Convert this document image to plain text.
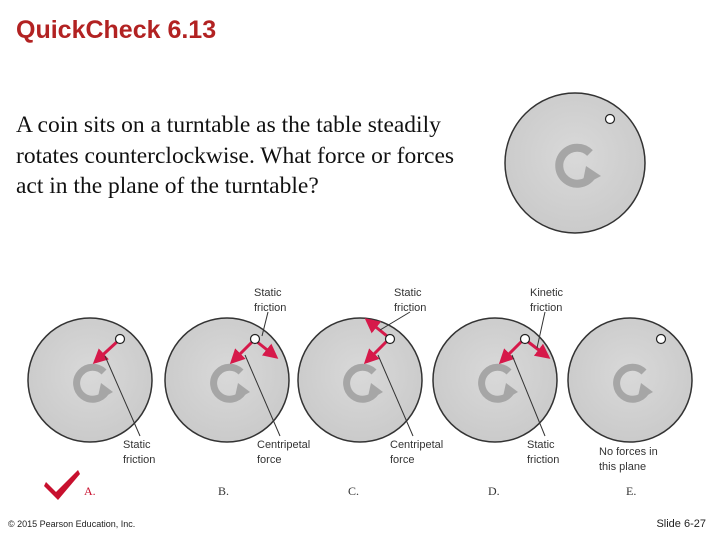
QuickCheck 6.13
A coin sits on a turntable as the table steadily rotates counterclockwise. What force or forces act in the plane of the turntable?
Static
friction
A.
Static
friction
Centripetal
force
B.
Static
friction
Centripetal
force
C.
Kinetic
friction
Static
friction
D.
No forces in
this plane
E.
© 2015 Pearson Education, Inc.	Slide 6-27
